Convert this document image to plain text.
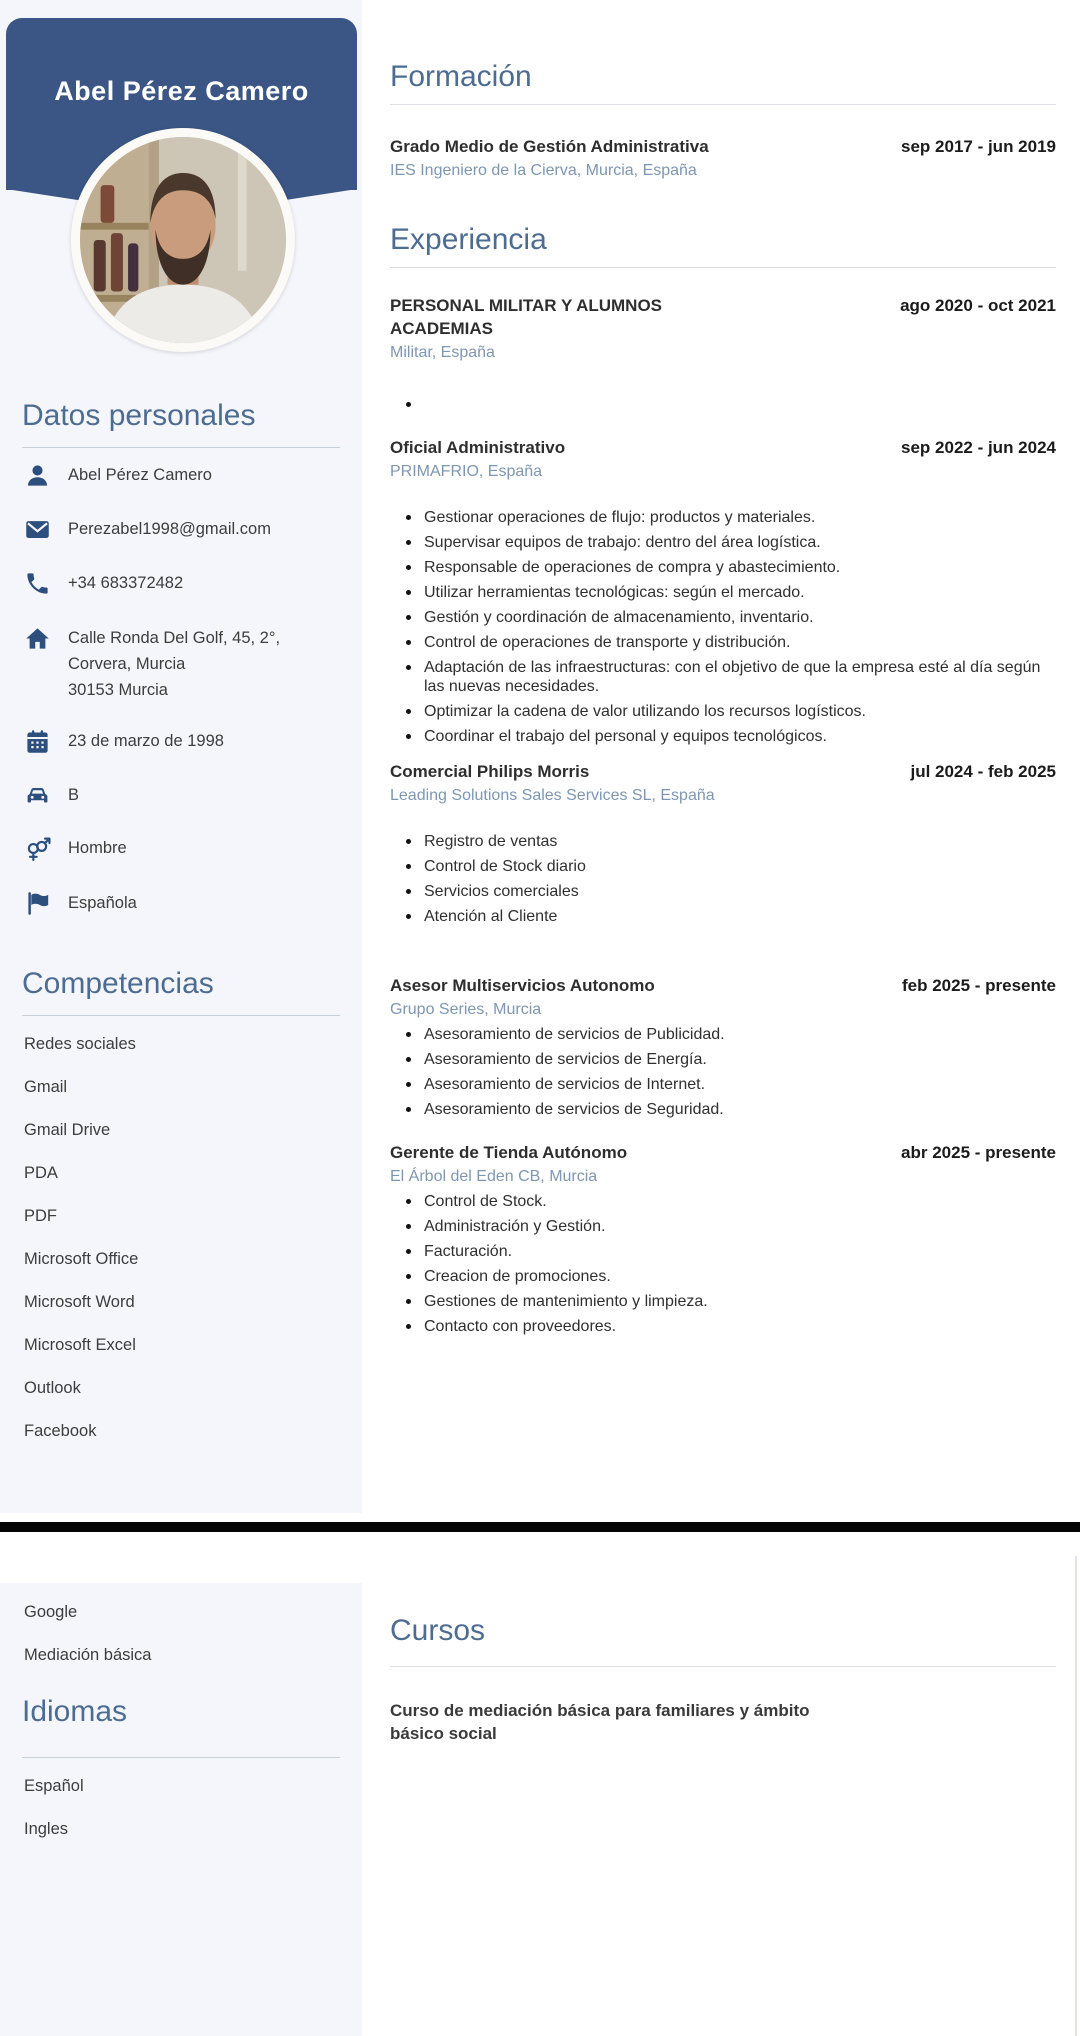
Abel Pérez Camero
Datos personales
Abel Pérez Camero
Perezabel1998@gmail.com
+34 683372482
Calle Ronda Del Golf, 45, 2°,
Corvera, Murcia
30153 Murcia
23 de marzo de 1998
B
Hombre
Española
Competencias
Redes sociales
Gmail
Gmail Drive
PDA
PDF
Microsoft Office
Microsoft Word
Microsoft Excel
Outlook
Facebook
Formación
Grado Medio de Gestión Administrativa
IES Ingeniero de la Cierva, Murcia, España
sep 2017 - jun 2019
Experiencia
PERSONAL MILITAR Y ALUMNOS ACADEMIAS
Militar, España
ago 2020 - oct 2021
Oficial Administrativo
PRIMAFRIO, España
sep 2022 - jun 2024
Gestionar operaciones de flujo: productos y materiales.
Supervisar equipos de trabajo: dentro del área logística.
Responsable de operaciones de compra y abastecimiento.
Utilizar herramientas tecnológicas: según el mercado.
Gestión y coordinación de almacenamiento, inventario.
Control de operaciones de transporte y distribución.
Adaptación de las infraestructuras: con el objetivo de que la empresa esté al día según las nuevas necesidades.
Optimizar la cadena de valor utilizando los recursos logísticos.
Coordinar el trabajo del personal y equipos tecnológicos.
Comercial Philips Morris
Leading Solutions Sales Services SL, España
jul 2024 - feb 2025
Registro de ventas
Control de Stock diario
Servicios comerciales
Atención al Cliente
Asesor Multiservicios Autonomo
Grupo Series, Murcia
feb 2025 - presente
Asesoramiento de servicios de Publicidad.
Asesoramiento de servicios de Energía.
Asesoramiento de servicios de Internet.
Asesoramiento de servicios de Seguridad.
Gerente de Tienda Autónomo
El Árbol del Eden CB, Murcia
abr 2025 - presente
Control de Stock.
Administración y Gestión.
Facturación.
Creacion de promociones.
Gestiones de mantenimiento y limpieza.
Contacto con proveedores.
Google
Mediación básica
Idiomas
Español
Ingles
Cursos
Curso de mediación básica para familiares y ámbito básico social
